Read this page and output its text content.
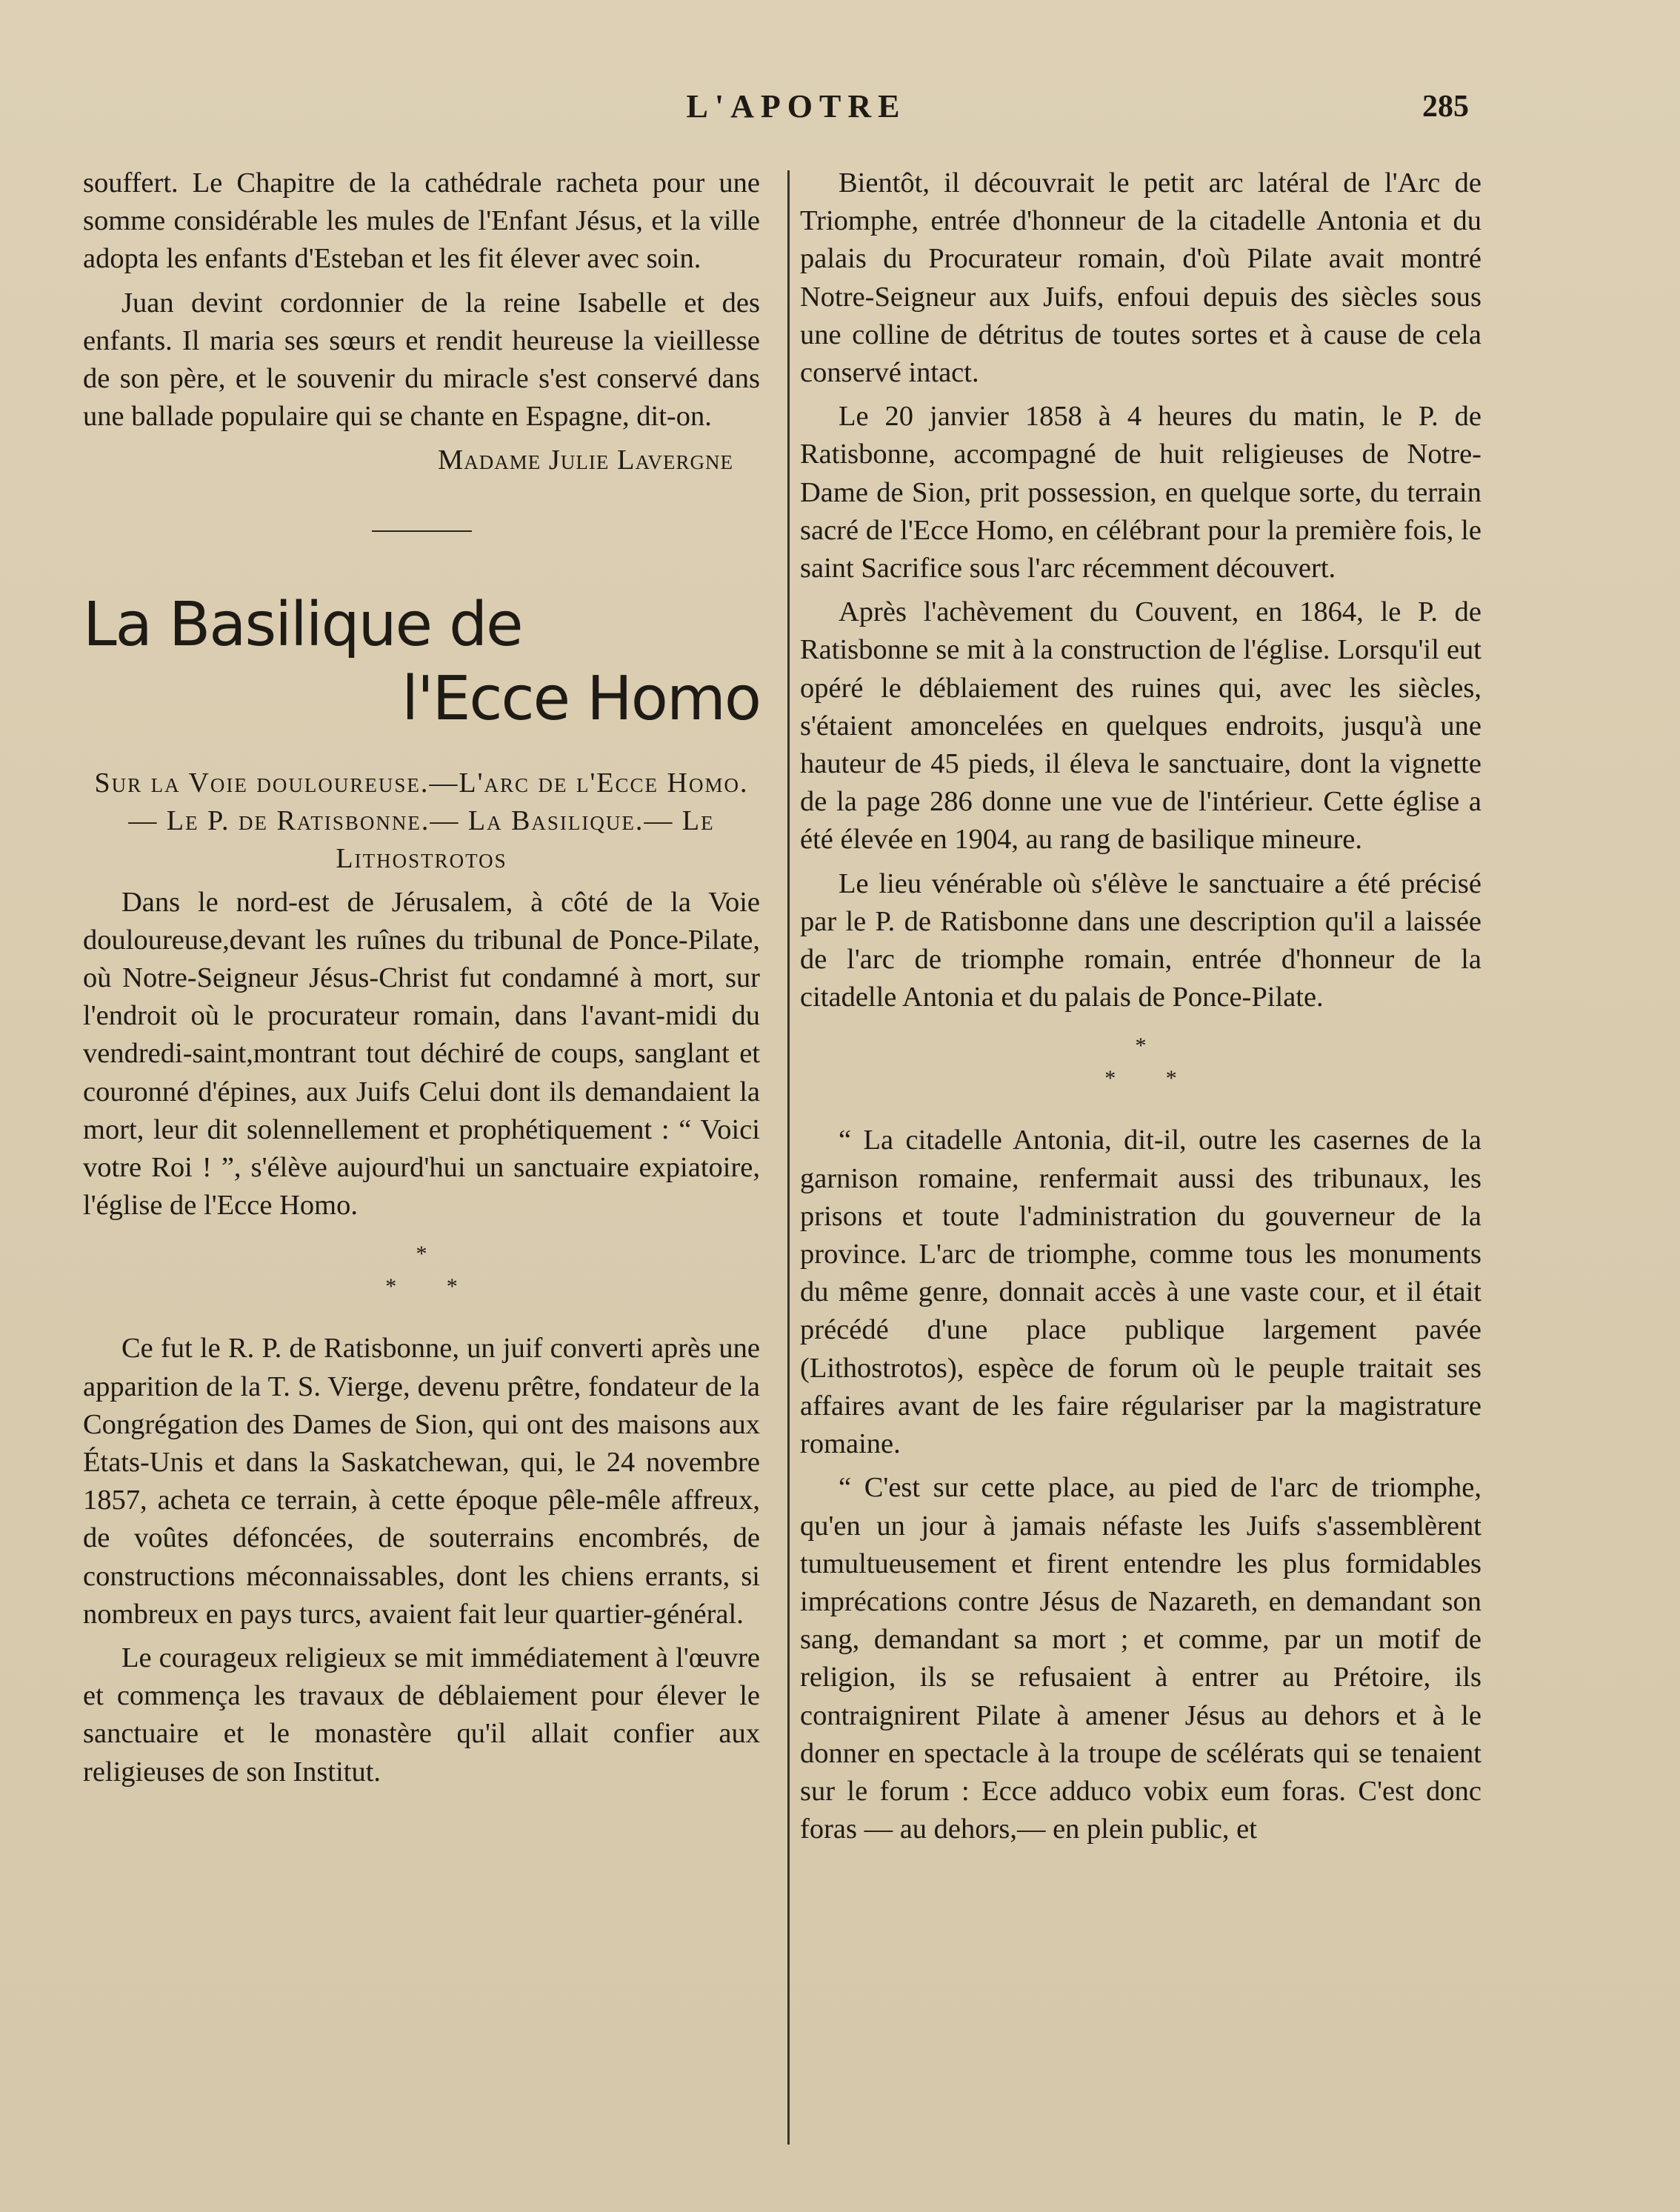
L'APOTRE	285

souffert. Le Chapitre de la cathédrale racheta pour une somme considérable les mules de l'Enfant Jésus, et la ville adopta les enfants d'Esteban et les fit élever avec soin.

Juan devint cordonnier de la reine Isabelle et des enfants. Il maria ses sœurs et rendit heureuse la vieillesse de son père, et le souvenir du miracle s'est conservé dans une ballade populaire qui se chante en Espagne, dit-on.

Madame Julie Lavergne

La Basilique de
l'Ecce Homo

Sur la Voie douloureuse.—L'arc de l'Ecce Homo.— Le P. de Ratisbonne.— La Basilique.— Le Lithostrotos

Dans le nord-est de Jérusalem, à côté de la Voie douloureuse,devant les ruînes du tribunal de Ponce-Pilate, où Notre-Seigneur Jésus-Christ fut condamné à mort, sur l'endroit où le procurateur romain, dans l'avant-midi du vendredi-saint,montrant tout déchiré de coups, sanglant et couronné d'épines, aux Juifs Celui dont ils demandaient la mort, leur dit solennellement et prophétiquement : “ Voici votre Roi ! ”, s'élève aujourd'hui un sanctuaire expiatoire, l'église de l'Ecce Homo.

*
* *

Ce fut le R. P. de Ratisbonne, un juif converti après une apparition de la T. S. Vierge, devenu prêtre, fondateur de la Congrégation des Dames de Sion, qui ont des maisons aux États-Unis et dans la Saskatchewan, qui, le 24 novembre 1857, acheta ce terrain, à cette époque pêle-mêle affreux, de voûtes défoncées, de souterrains encombrés, de constructions méconnaissables, dont les chiens errants, si nombreux en pays turcs, avaient fait leur quartier-général.

Le courageux religieux se mit immédiatement à l'œuvre et commença les travaux de déblaiement pour élever le sanctuaire et le monastère qu'il allait confier aux religieuses de son Institut.

Bientôt, il découvrait le petit arc latéral de l'Arc de Triomphe, entrée d'honneur de la citadelle Antonia et du palais du Procurateur romain, d'où Pilate avait montré Notre-Seigneur aux Juifs, enfoui depuis des siècles sous une colline de détritus de toutes sortes et à cause de cela conservé intact.

Le 20 janvier 1858 à 4 heures du matin, le P. de Ratisbonne, accompagné de huit religieuses de Notre-Dame de Sion, prit possession, en quelque sorte, du terrain sacré de l'Ecce Homo, en célébrant pour la première fois, le saint Sacrifice sous l'arc récemment découvert.

Après l'achèvement du Couvent, en 1864, le P. de Ratisbonne se mit à la construction de l'église. Lorsqu'il eut opéré le déblaiement des ruines qui, avec les siècles, s'étaient amoncelées en quelques endroits, jusqu'à une hauteur de 45 pieds, il éleva le sanctuaire, dont la vignette de la page 286 donne une vue de l'intérieur. Cette église a été élevée en 1904, au rang de basilique mineure.

Le lieu vénérable où s'élève le sanctuaire a été précisé par le P. de Ratisbonne dans une description qu'il a laissée de l'arc de triomphe romain, entrée d'honneur de la citadelle Antonia et du palais de Ponce-Pilate.

*
* *

“ La citadelle Antonia, dit-il, outre les casernes de la garnison romaine, renfermait aussi des tribunaux, les prisons et toute l'administration du gouverneur de la province. L'arc de triomphe, comme tous les monuments du même genre, donnait accès à une vaste cour, et il était précédé d'une place publique largement pavée (Lithostrotos), espèce de forum où le peuple traitait ses affaires avant de les faire régulariser par la magistrature romaine.

“ C'est sur cette place, au pied de l'arc de triomphe, qu'en un jour à jamais néfaste les Juifs s'assemblèrent tumultueusement et firent entendre les plus formidables imprécations contre Jésus de Nazareth, en demandant son sang, demandant sa mort ; et comme, par un motif de religion, ils se refusaient à entrer au Prétoire, ils contraignirent Pilate à amener Jésus au dehors et à le donner en spectacle à la troupe de scélérats qui se tenaient sur le forum : Ecce adduco vobix eum foras. C'est donc foras — au dehors,— en plein public, et
